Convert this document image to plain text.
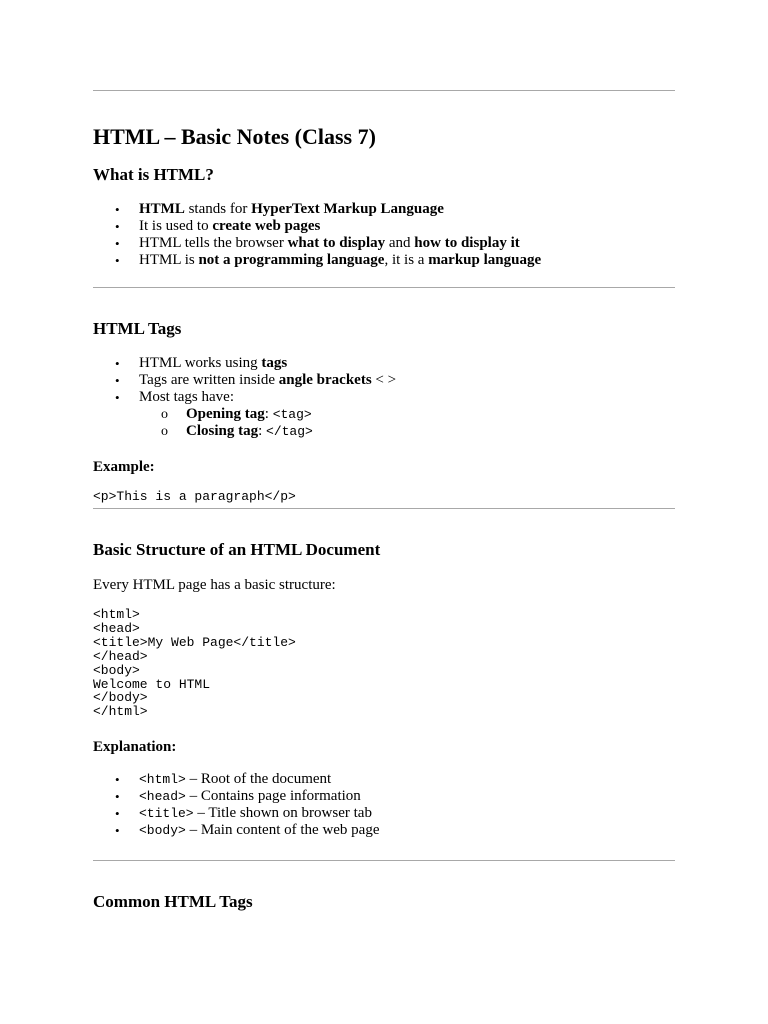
HTML – Basic Notes (Class 7)
What is HTML?
• HTML stands for HyperText Markup Language
• It is used to create web pages
• HTML tells the browser what to display and how to display it
• HTML is not a programming language, it is a markup language
HTML Tags
• HTML works using tags
• Tags are written inside angle brackets < >
• Most tags have:
o Opening tag: <tag>
o Closing tag: </tag>
Example:
<p>This is a paragraph</p>
Basic Structure of an HTML Document

Every HTML page has a basic structure:

<html>
<head>
<title>My Web Page</title>
</head>
<body>
Welcome to HTML
</body>
</html>
Explanation:
• <html> – Root of the document
• <head> – Contains page information
• <title> – Title shown on browser tab
• <body> – Main content of the web page
Common HTML Tags
